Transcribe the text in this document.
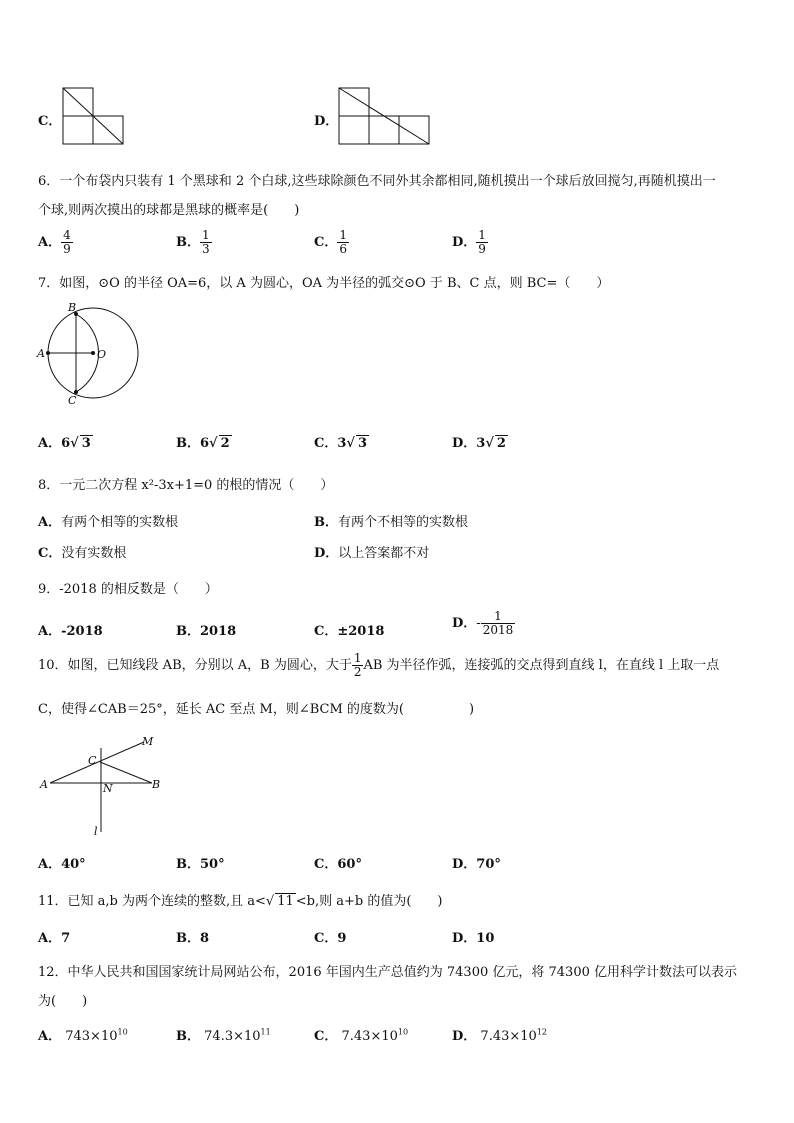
C．	D．
6．一个布袋内只装有 1 个黑球和 2 个白球,这些球除颜色不同外其余都相同,随机摸出一个球后放回搅匀,再随机摸出一
个球,则两次摸出的球都是黑球的概率是(　　)
A． $\frac{4}{9}$	B． $\frac{1}{3}$	C． $\frac{1}{6}$	D． $\frac{1}{9}$
7．如图，⊙O 的半径 OA=6，以 A 为圆心，OA 为半径的弧交⊙O 于 B、C 点，则 BC=（　　）
B
A	O
C
A．6√ 3	B．6√ 2	C．3√ 3	D．3√ 2
8．一元二次方程 x²-3x+1=0 的根的情况（　　）
A．有两个相等的实数根	B．有两个不相等的实数根
C．没有实数根	D．以上答案都不对
9．-2018 的相反数是（　　）
A．-2018	B．2018	C．±2018
D．- $\frac{1}{2018}$
10．如图，已知线段 AB，分别以 A，B 为圆心，大于 $\frac{1}{2}$ AB 为半径作弧，连接弧的交点得到直线 l，在直线 l 上取一点
C，使得∠CAB＝25°，延长 AC 至点 M，则∠BCM 的度数为(　　　　　)
M
C
A	N	B
l
A．40°	B．50°	C．60°	D．70°
11．已知 a,b 为两个连续的整数,且 a<√ 11 <b,则 a+b 的值为(　　)
A．7	B．8	C．9	D．10
12．中华人民共和国国家统计局网站公布，2016 年国内生产总值约为 74300 亿元，将 74300 亿用科学计数法可以表示
为(　　)
A． $743\times 10^{10}$	B． $74.3\times 10^{11}$	C． $7.43\times 10^{10}$	D． $7.43\times 10^{12}$
